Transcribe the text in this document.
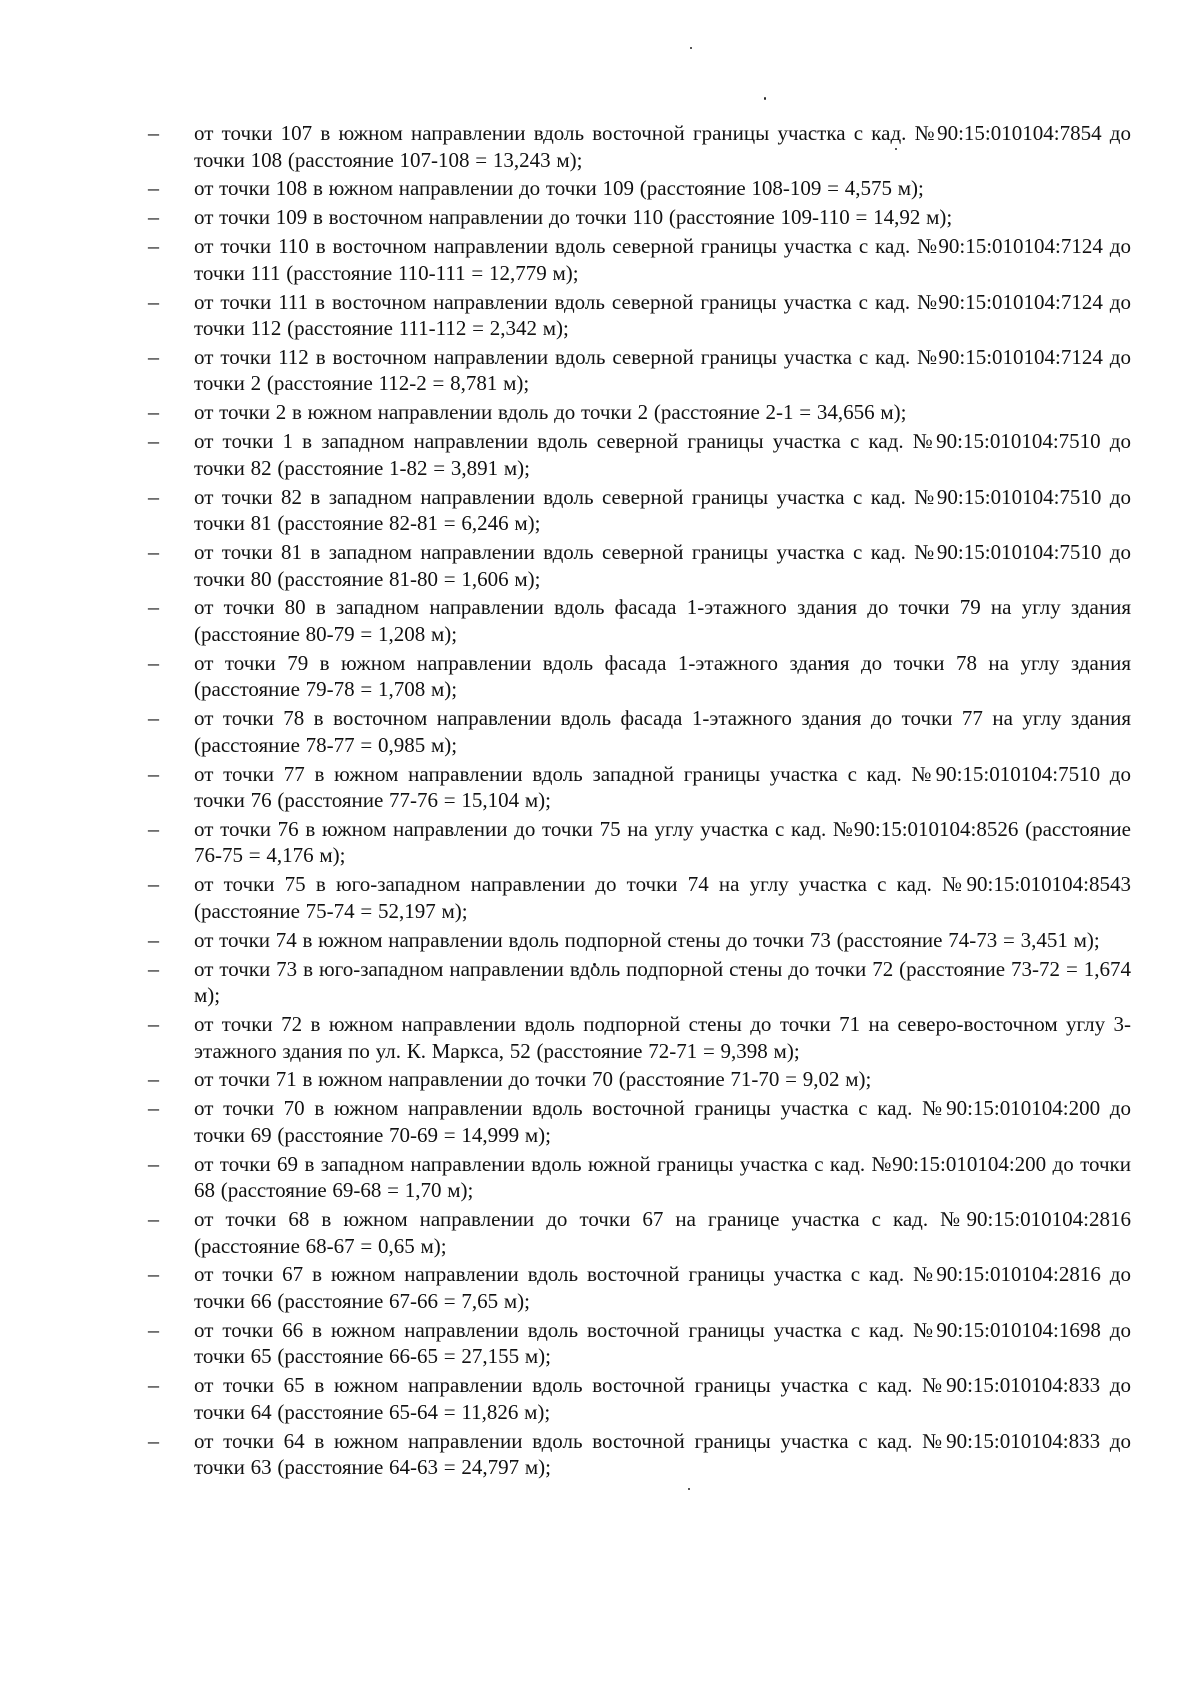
– от точки 107 в южном направлении вдоль восточной границы участка с кад. №90:15:010104:7854 до точки 108 (расстояние 107-108 = 13,243 м);
– от точки 108 в южном направлении до точки 109 (расстояние 108-109 = 4,575 м);
– от точки 109 в восточном направлении до точки 110 (расстояние 109-110 = 14,92 м);
– от точки 110 в восточном направлении вдоль северной границы участка с кад. №90:15:010104:7124 до точки 111 (расстояние 110-111 = 12,779 м);
– от точки 111 в восточном направлении вдоль северной границы участка с кад. №90:15:010104:7124 до точки 112 (расстояние 111-112 = 2,342 м);
– от точки 112 в восточном направлении вдоль северной границы участка с кад. №90:15:010104:7124 до точки 2 (расстояние 112-2 = 8,781 м);
– от точки 2 в южном направлении вдоль до точки 2 (расстояние 2-1 = 34,656 м);
– от точки 1 в западном направлении вдоль северной границы участка с кад. №90:15:010104:7510 до точки 82 (расстояние 1-82 = 3,891 м);
– от точки 82 в западном направлении вдоль северной границы участка с кад. №90:15:010104:7510 до точки 81 (расстояние 82-81 = 6,246 м);
– от точки 81 в западном направлении вдоль северной границы участка с кад. №90:15:010104:7510 до точки 80 (расстояние 81-80 = 1,606 м);
– от точки 80 в западном направлении вдоль фасада 1-этажного здания до точки 79 на углу здания (расстояние 80-79 = 1,208 м);
– от точки 79 в южном направлении вдоль фасада 1-этажного здания до точки 78 на углу здания (расстояние 79-78 = 1,708 м);
– от точки 78 в восточном направлении вдоль фасада 1-этажного здания до точки 77 на углу здания (расстояние 78-77 = 0,985 м);
– от точки 77 в южном направлении вдоль западной границы участка с кад. №90:15:010104:7510 до точки 76 (расстояние 77-76 = 15,104 м);
– от точки 76 в южном направлении до точки 75 на углу участка с кад. №90:15:010104:8526 (расстояние 76-75 = 4,176 м);
– от точки 75 в юго-западном направлении до точки 74 на углу участка с кад. №90:15:010104:8543 (расстояние 75-74 = 52,197 м);
– от точки 74 в южном направлении вдоль подпорной стены до точки 73 (расстояние 74-73 = 3,451 м);
– от точки 73 в юго-западном направлении вдоль подпорной стены до точки 72 (расстояние 73-72 = 1,674 м);
– от точки 72 в южном направлении вдоль подпорной стены до точки 71 на северо-восточном углу 3-этажного здания по ул. К. Маркса, 52 (расстояние 72-71 = 9,398 м);
– от точки 71 в южном направлении до точки 70 (расстояние 71-70 = 9,02 м);
– от точки 70 в южном направлении вдоль восточной границы участка с кад. №90:15:010104:200 до точки 69 (расстояние 70-69 = 14,999 м);
– от точки 69 в западном направлении вдоль южной границы участка с кад. №90:15:010104:200 до точки 68 (расстояние 69-68 = 1,70 м);
– от точки 68 в южном направлении до точки 67 на границе участка с кад. №90:15:010104:2816 (расстояние 68-67 = 0,65 м);
– от точки 67 в южном направлении вдоль восточной границы участка с кад. №90:15:010104:2816 до точки 66 (расстояние 67-66 = 7,65 м);
– от точки 66 в южном направлении вдоль восточной границы участка с кад. №90:15:010104:1698 до точки 65 (расстояние 66-65 = 27,155 м);
– от точки 65 в южном направлении вдоль восточной границы участка с кад. №90:15:010104:833 до точки 64 (расстояние 65-64 = 11,826 м);
– от точки 64 в южном направлении вдоль восточной границы участка с кад. №90:15:010104:833 до точки 63 (расстояние 64-63 = 24,797 м);
